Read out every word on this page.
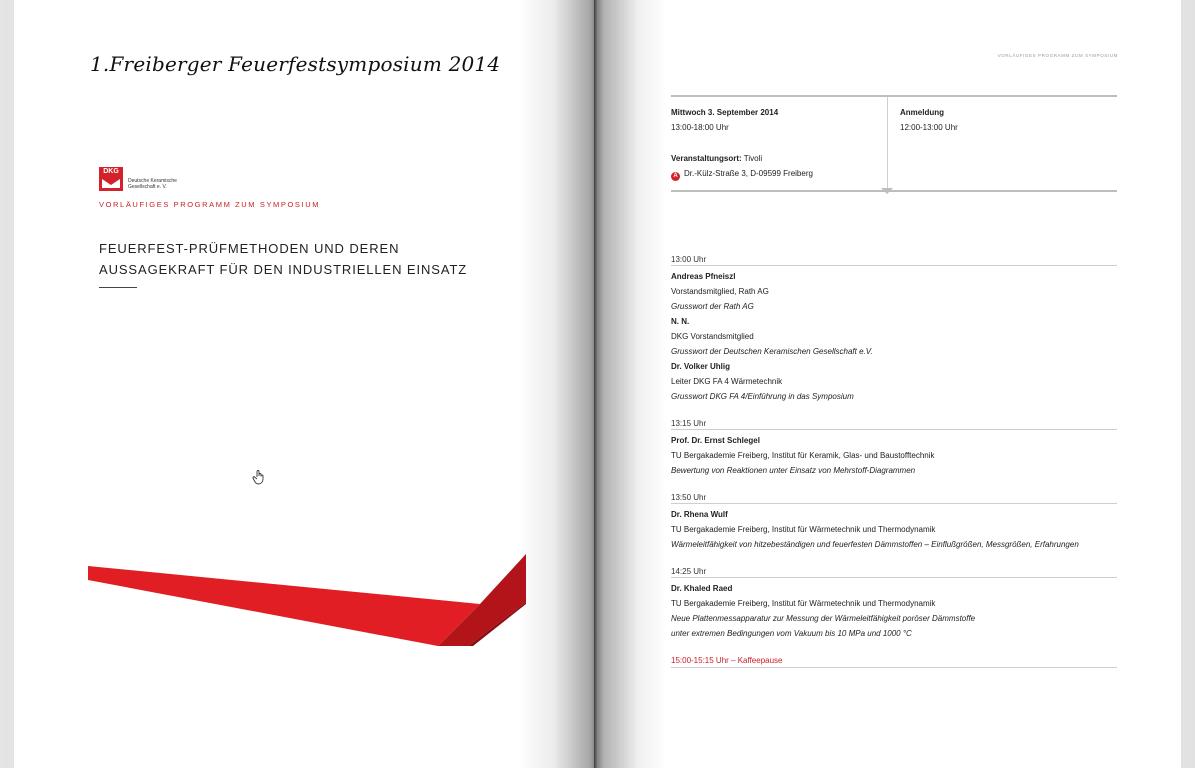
1.Freiberger Feuerfestsymposium 2014
DKG
Deutsche Keramische
Gesellschaft e. V.
VORLÄUFIGES PROGRAMM ZUM SYMPOSIUM
FEUERFEST-PRÜFMETHODEN UND DEREN
AUSSAGEKRAFT FÜR DEN INDUSTRIELLEN EINSATZ
VORLÄUFIGES PROGRAMM ZUM SYMPOSIUM
Mittwoch 3. September 2014
13:00-18:00 Uhr
Veranstaltungsort: Tivoli
A Dr.-Külz-Straße 3, D-09599 Freiberg
Anmeldung
12:00-13:00 Uhr
13:00 Uhr
Andreas Pfneiszl
Vorstandsmitglied, Rath AG
Grusswort der Rath AG
N. N.
DKG Vorstandsmitglied
Grusswort der Deutschen Keramischen Gesellschaft e.V.
Dr. Volker Uhlig
Leiter DKG FA 4 Wärmetechnik
Grusswort DKG FA 4/Einführung in das Symposium
13:15 Uhr
Prof. Dr. Ernst Schlegel
TU Bergakademie Freiberg, Institut für Keramik, Glas- und Baustofftechnik
Bewertung von Reaktionen unter Einsatz von Mehrstoff-Diagrammen
13:50 Uhr
Dr. Rhena Wulf
TU Bergakademie Freiberg, Institut für Wärmetechnik und Thermodynamik
Wärmeleitfähigkeit von hitzebeständigen und feuerfesten Dämmstoffen – Einflußgrößen, Messgrößen, Erfahrungen
14:25 Uhr
Dr. Khaled Raed
TU Bergakademie Freiberg, Institut für Wärmetechnik und Thermodynamik
Neue Plattenmessapparatur zur Messung der Wärmeleitfähigkeit poröser Dämmstoffe
unter extremen Bedingungen vom Vakuum bis 10 MPa und 1000 °C
15:00-15:15 Uhr – Kaffeepause
